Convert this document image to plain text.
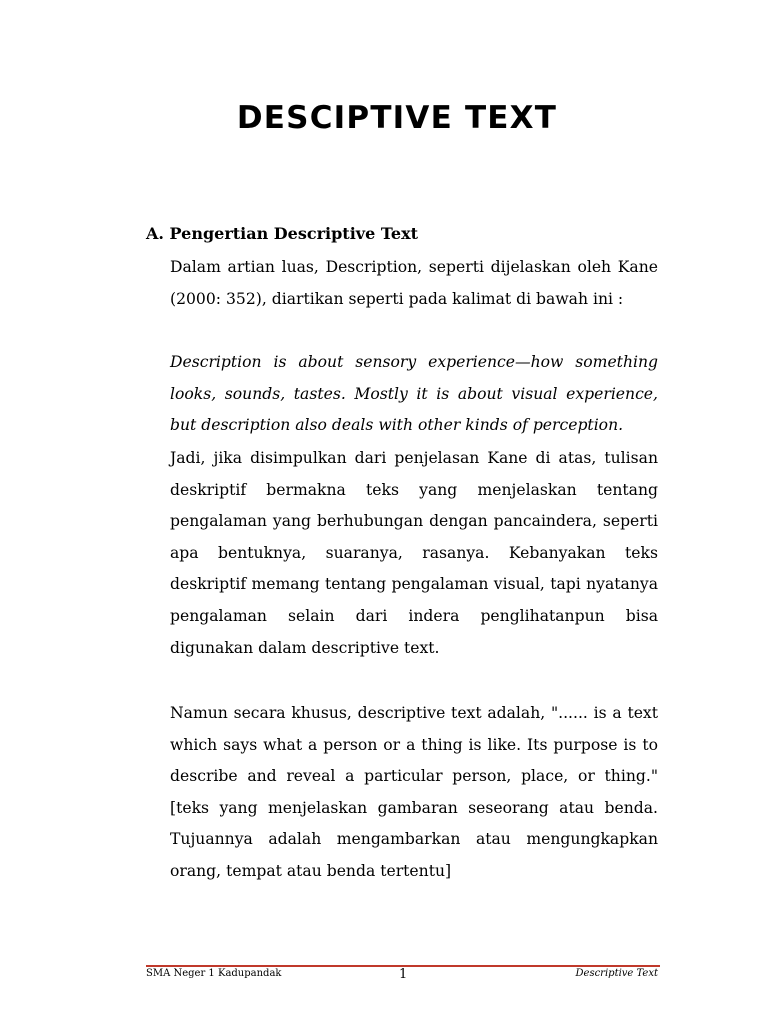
DESCIPTIVE TEXT
A. Pengertian Descriptive Text
Dalam artian luas, Description, seperti dijelaskan oleh Kane (2000: 352), diartikan seperti pada kalimat di bawah ini :
Description is about sensory experience—how something looks, sounds, tastes. Mostly it is about visual experience, but description also deals with other kinds of perception.
Jadi, jika disimpulkan dari penjelasan Kane di atas, tulisan deskriptif bermakna teks yang menjelaskan tentang pengalaman yang berhubungan dengan pancaindera, seperti apa bentuknya, suaranya, rasanya. Kebanyakan teks deskriptif memang tentang pengalaman visual, tapi nyatanya pengalaman selain dari indera penglihatanpun bisa digunakan dalam descriptive text.
Namun secara khusus, descriptive text adalah, "...... is a text which says what a person or a thing is like. Its purpose is to describe and reveal a particular person, place, or thing." [teks yang menjelaskan gambaran seseorang atau benda. Tujuannya adalah mengambarkan atau mengungkapkan orang, tempat atau benda tertentu]
SMA Neger 1 Kadupandak	1	Descriptive Text
